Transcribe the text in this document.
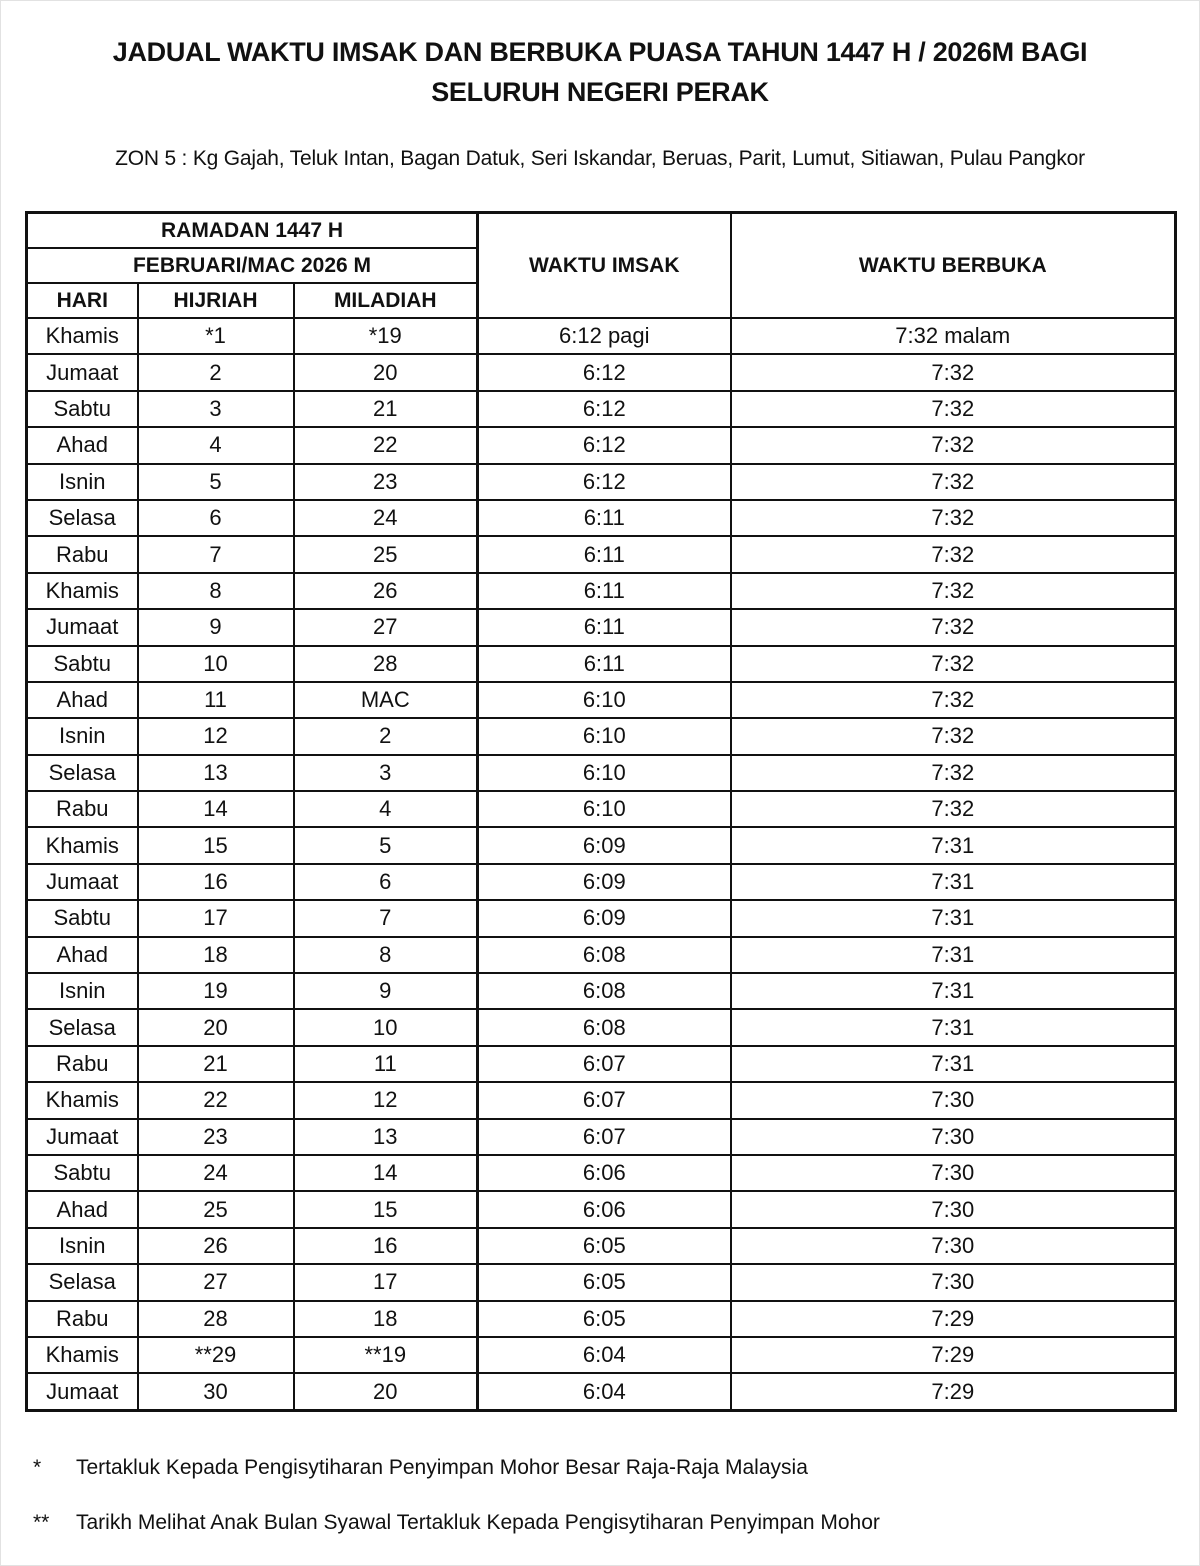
JADUAL WAKTU IMSAK DAN BERBUKA PUASA TAHUN 1447 H / 2026M BAGI
SELURUH NEGERI PERAK
ZON 5 : Kg Gajah, Teluk Intan, Bagan Datuk, Seri Iskandar, Beruas, Parit, Lumut, Sitiawan, Pulau Pangkor
RAMADAN 1447 H			WAKTU IMSAK	WAKTU BERBUKA
FEBRUARI/MAC 2026 M				
HARI	HIJRIAH	MILADIAH		
Khamis	*1	*19	6:12 pagi	7:32 malam
Jumaat	2	20	6:12	7:32
Sabtu	3	21	6:12	7:32
Ahad	4	22	6:12	7:32
Isnin	5	23	6:12	7:32
Selasa	6	24	6:11	7:32
Rabu	7	25	6:11	7:32
Khamis	8	26	6:11	7:32
Jumaat	9	27	6:11	7:32
Sabtu	10	28	6:11	7:32
Ahad	11	MAC	6:10	7:32
Isnin	12	2	6:10	7:32
Selasa	13	3	6:10	7:32
Rabu	14	4	6:10	7:32
Khamis	15	5	6:09	7:31
Jumaat	16	6	6:09	7:31
Sabtu	17	7	6:09	7:31
Ahad	18	8	6:08	7:31
Isnin	19	9	6:08	7:31
Selasa	20	10	6:08	7:31
Rabu	21	11	6:07	7:31
Khamis	22	12	6:07	7:30
Jumaat	23	13	6:07	7:30
Sabtu	24	14	6:06	7:30
Ahad	25	15	6:06	7:30
Isnin	26	16	6:05	7:30
Selasa	27	17	6:05	7:30
Rabu	28	18	6:05	7:29
Khamis	**29	**19	6:04	7:29
Jumaat	30	20	6:04	7:29
*	Tertakluk Kepada Pengisytiharan Penyimpan Mohor Besar Raja-Raja Malaysia
**	Tarikh Melihat Anak Bulan Syawal Tertakluk Kepada Pengisytiharan Penyimpan Mohor
